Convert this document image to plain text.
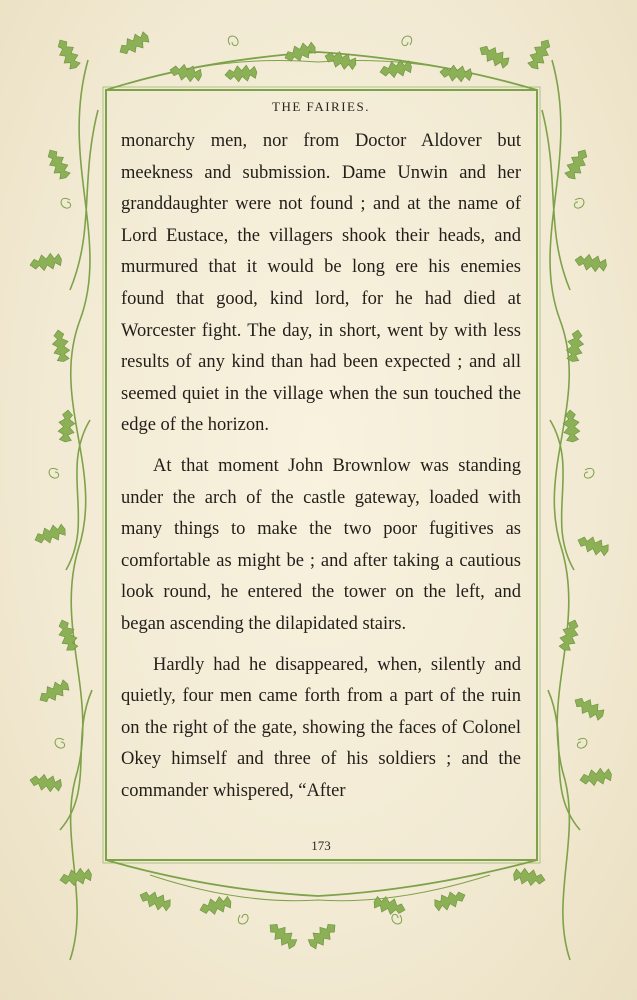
THE FAIRIES.

monarchy men, nor from Doctor Aldover but meekness and submission. Dame Unwin and her granddaughter were not found ; and at the name of Lord Eustace, the villagers shook their heads, and murmured that it would be long ere his enemies found that good, kind lord, for he had died at Worcester fight. The day, in short, went by with less results of any kind than had been expected ; and all seemed quiet in the village when the sun touched the edge of the horizon.

At that moment John Brownlow was standing under the arch of the castle gateway, loaded with many things to make the two poor fugitives as comfortable as might be ; and after taking a cautious look round, he entered the tower on the left, and began ascending the dilapidated stairs.

Hardly had he disappeared, when, silently and quietly, four men came forth from a part of the ruin on the right of the gate, showing the faces of Colonel Okey himself and three of his soldiers ; and the commander whispered, “After

173
